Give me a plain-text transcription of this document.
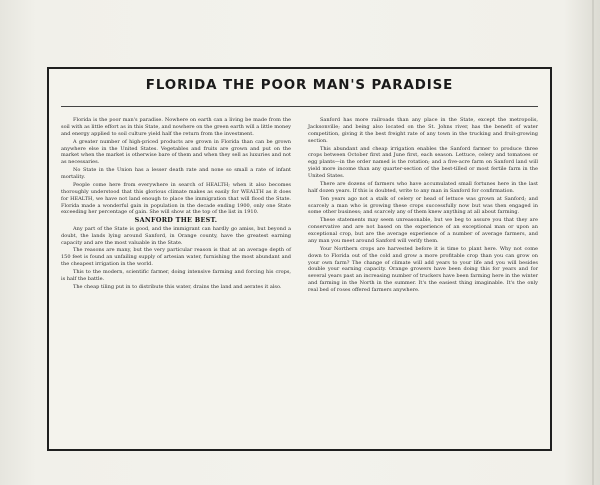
FLORIDA THE POOR MAN'S PARADISE

Florida is the poor man's paradise. Nowhere on earth can a living be made from the soil with as little effort as in this State, and nowhere on the green earth will a little money and energy applied to soil culture yield half the return from the investment.

A greater number of high-priced products are grown in Florida than can be grown anywhere else in the United States. Vegetables and fruits are grown and put on the market when the market is otherwise bare of them and when they sell as luxuries and not as necessaries.

No State in the Union has a lesser death rate and none so small a rate of infant mortality.

People come here from everywhere in search of HEALTH; when it also becomes thoroughly understood that this glorious climate makes as easily for WEALTH as it does for HEALTH, we have not land enough to place the immigration that will flood the State. Florida made a wonderful gain in population in the decade ending 1900, only one State exceeding her percentage of gain. She will show at the top of the list in 1910.

SANFORD THE BEST.

Any part of the State is good, and the immigrant can hardly go amiss, but beyond a doubt, the lands lying around Sanford, in Orange county, have the greatest earning capacity and are the most valuable in the State.

The reasons are many, but the very particular reason is that at an average depth of 150 feet is found an unfailing supply of artesian water, furnishing the most abundant and the cheapest irrigation in the world.

This to the modern, scientific farmer, doing intensive farming and forcing his crops, is half the battle.

The cheap tiling put in to distribute this water, drains the land and aerates it also.

Sanford has more railroads than any place in the State, except the metropolis, Jacksonville; and being also located on the St. Johns river, has the benefit of water competition, giving it the best freight rate of any town in the trucking and fruit-growing section.

This abundant and cheap irrigation enables the Sanford farmer to produce three crops between October first and June first, each season. Lettuce, celery and tomatoes or egg plants—in the order named is the rotation; and a five-acre farm on Sanford land will yield more income than any quarter-section of the best-tilled or most fertile farm in the United States.

There are dozens of farmers who have accumulated small fortunes here in the last half dozen years. If this is doubted, write to any man in Sanford for confirmation.

Ten years ago not a stalk of celery or head of lettuce was grown at Sanford; and scarcely a man who is growing these crops successfully now but was then engaged in some other business; and scarcely any of them knew anything at all about farming.

These statements may seem unreasonable, but we beg to assure you that they are conservative and are not based on the experience of an exceptional man or upon an exceptional crop, but are the average experience of a number of average farmers, and any man you meet around Sanford will verify them.

Your Northern crops are harvested before it is time to plant here. Why not come down to Florida out of the cold and grow a more profitable crop than you can grow on your own farm? The change of climate will add years to your life and you will besides double your earning capacity. Orange growers have been doing this for years and for several years past an increasing number of truckers have been farming here in the winter and farming in the North in the summer. It's the easiest thing imaginable. It's the only real bed of roses offered farmers anywhere.
